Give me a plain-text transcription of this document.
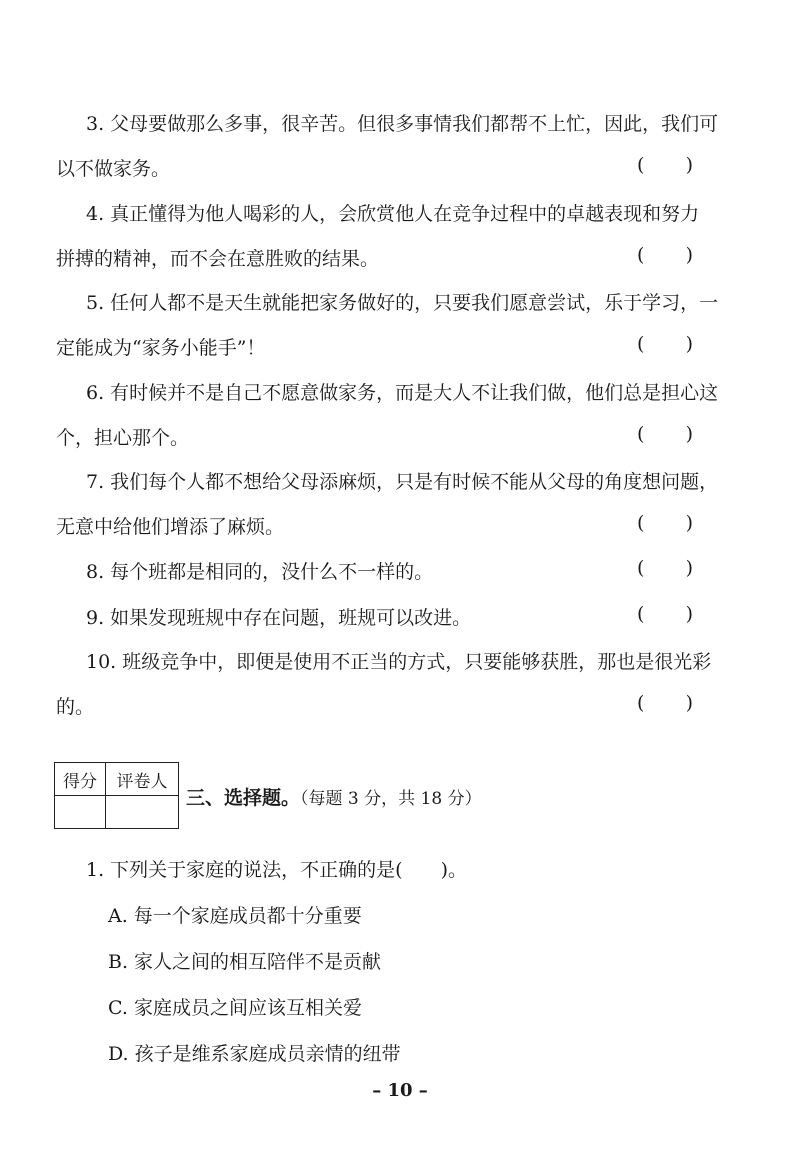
3. 父母要做那么多事，很辛苦。但很多事情我们都帮不上忙，因此，我们可
以不做家务。	( )
4. 真正懂得为他人喝彩的人，会欣赏他人在竞争过程中的卓越表现和努力
拼搏的精神，而不会在意胜败的结果。	( )
5. 任何人都不是天生就能把家务做好的，只要我们愿意尝试，乐于学习，一
定能成为“家务小能手”！	( )
6. 有时候并不是自己不愿意做家务，而是大人不让我们做，他们总是担心这
个，担心那个。	( )
7. 我们每个人都不想给父母添麻烦，只是有时候不能从父母的角度想问题，
无意中给他们增添了麻烦。	( )
8. 每个班都是相同的，没什么不一样的。	( )
9. 如果发现班规中存在问题，班规可以改进。	( )
10. 班级竞争中，即便是使用不正当的方式，只要能够获胜，那也是很光彩
的。	( )
得分	评卷人

三、选择题。（每题 3 分，共 18 分）
1. 下列关于家庭的说法，不正确的是(　　)。
A. 每一个家庭成员都十分重要
B. 家人之间的相互陪伴不是贡献
C. 家庭成员之间应该互相关爱
D. 孩子是维系家庭成员亲情的纽带
– 10 –
